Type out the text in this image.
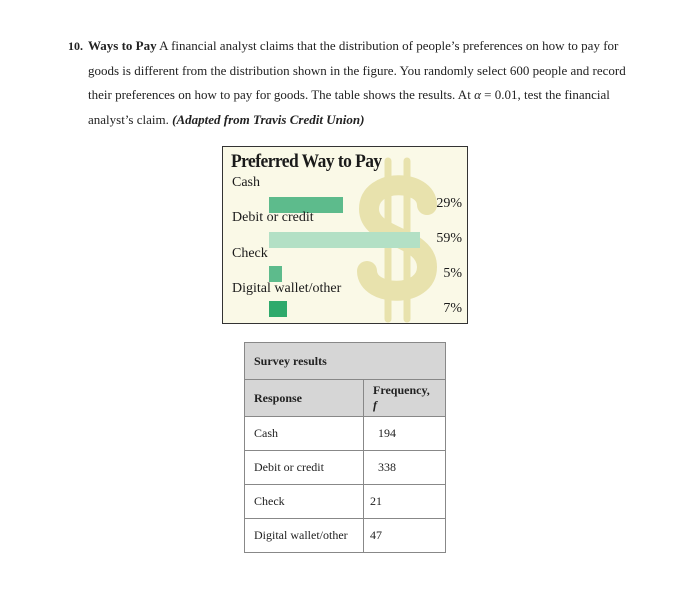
10. Ways to Pay A financial analyst claims that the distribution of people’s preferences on how to pay for goods is different from the distribution shown in the figure. You randomly select 600 people and record their preferences on how to pay for goods. The table shows the results. At α = 0.01, test the financial analyst’s claim. (Adapted from Travis Credit Union)
Preferred Way to Pay
Cash
29%
Debit or credit
59%
Check
5%
Digital wallet/other
7%
Survey results	
Response	Frequency, f
Cash	194
Debit or credit	338
Check	21
Digital wallet/other	47
